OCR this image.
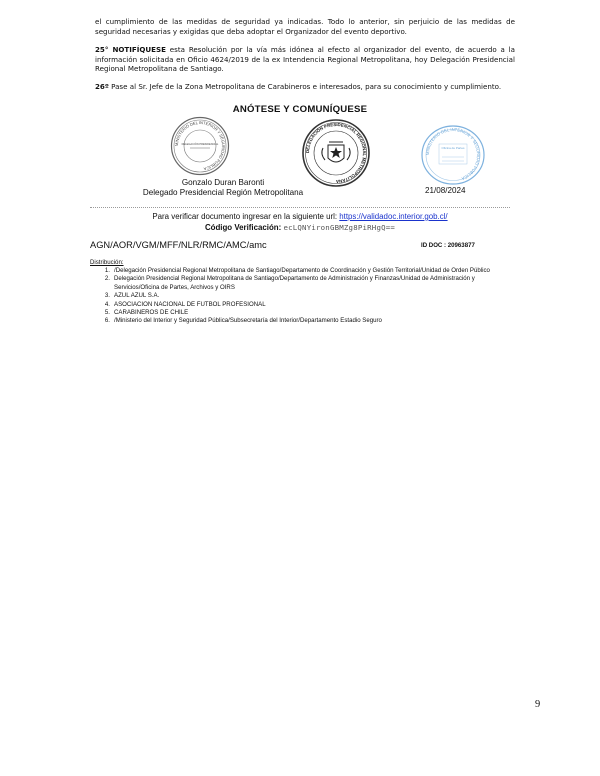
el cumplimiento de las medidas de seguridad ya indicadas. Todo lo anterior, sin perjuicio de las medidas de seguridad necesarias y exigidas que deba adoptar el Organizador del evento deportivo.

25° NOTIFÍQUESE esta Resolución por la vía más idónea al efecto al organizador del evento, de acuerdo a la información solicitada en Oficio 4624/2019 de la ex Intendencia Regional Metropolitana, hoy Delegación Presidencial Regional Metropolitana de Santiago.

26º Pase al Sr. Jefe de la Zona Metropolitana de Carabineros e interesados, para su conocimiento y cumplimiento.

ANÓTESE Y COMUNÍQUESE
MINISTERIO DEL INTERIOR Y SEGURIDAD PÚBLICA
DELEGACIÓN PRESIDENCIAL
DELEGACIÓN PRESIDENCIAL REGIONAL METROPOLITANA
MINISTERIO DEL INTERIOR Y SEGURIDAD PÚBLICA
Oficina de Partes
Gonzalo Duran Baronti
Delegado Presidencial Región Metropolitana	21/08/2024
Para verificar documento ingresar en la siguiente url: https://validadoc.interior.gob.cl/
Código Verificación: ecLQNYironGBMZg8PiRHgQ==
AGN/AOR/VGM/MFF/NLR/RMC/AMC/amc	ID DOC : 20963877
Distribución:
1. /Delegación Presidencial Regional Metropolitana de Santiago/Departamento de Coordinación y Gestión Territorial/Unidad de Orden Público
2. Delegación Presidencial Regional Metropolitana de Santiago/Departamento de Administración y Finanzas/Unidad de Administración y Servicios/Oficina de Partes, Archivos y OIRS
3. AZUL AZUL S.A.
4. ASOCIACION NACIONAL DE FUTBOL PROFESIONAL
5. CARABINEROS DE CHILE
6. /Ministerio del Interior y Seguridad Pública/Subsecretaría del Interior/Departamento Estadio Seguro
9
